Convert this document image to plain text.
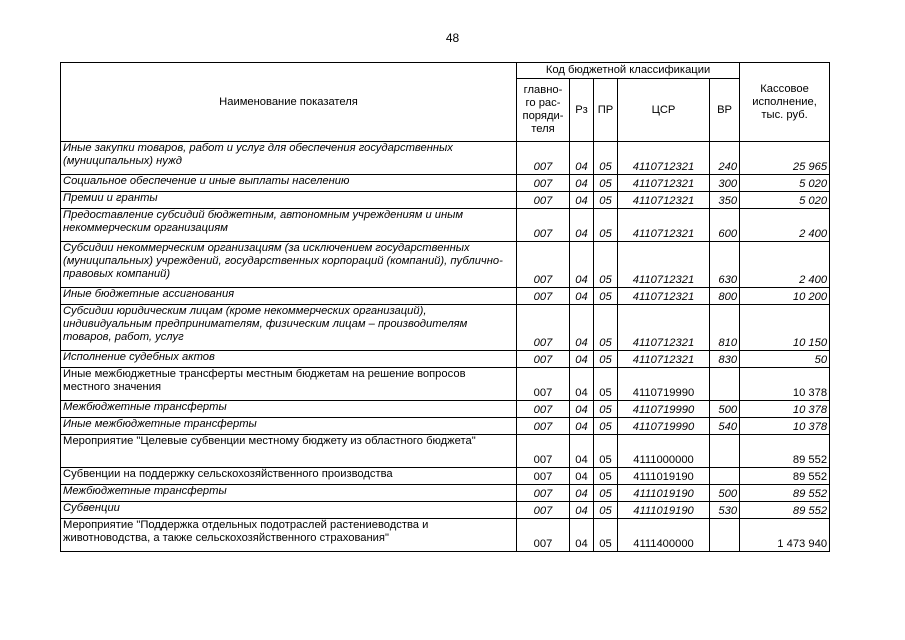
48
Наименование показателя	Код бюджетной классификации					Кассовое исполнение, тыс. руб.
	главно-го рас-поряди-теля	Рз	ПР	ЦСР	ВР	
Иные закупки товаров, работ и услуг для обеспечения государственных (муниципальных) нужд	007	04	05	4110712321	240	25 965
Социальное обеспечение и иные выплаты населению	007	04	05	4110712321	300	5 020
Премии и гранты	007	04	05	4110712321	350	5 020
Предоставление субсидий бюджетным, автономным учреждениям и иным некоммерческим организациям	007	04	05	4110712321	600	2 400
Субсидии некоммерческим организациям (за исключением государственных (муниципальных) учреждений, государственных корпораций (компаний), публично-правовых компаний)	007	04	05	4110712321	630	2 400
Иные бюджетные ассигнования	007	04	05	4110712321	800	10 200
Субсидии юридическим лицам (кроме некоммерческих организаций), индивидуальным предпринимателям, физическим лицам – производителям товаров, работ, услуг	007	04	05	4110712321	810	10 150
Исполнение судебных актов	007	04	05	4110712321	830	50
Иные межбюджетные трансферты местным бюджетам на решение вопросов местного значения	007	04	05	4110719990		10 378
Межбюджетные трансферты	007	04	05	4110719990	500	10 378
Иные межбюджетные трансферты	007	04	05	4110719990	540	10 378
Мероприятие "Целевые субвенции местному бюджету из областного бюджета"	007	04	05	4111000000		89 552
Субвенции на поддержку сельскохозяйственного производства	007	04	05	4111019190		89 552
Межбюджетные трансферты	007	04	05	4111019190	500	89 552
Субвенции	007	04	05	4111019190	530	89 552
Мероприятие "Поддержка отдельных подотраслей растениеводства и животноводства, а также сельскохозяйственного страхования"	007	04	05	4111400000		1 473 940
